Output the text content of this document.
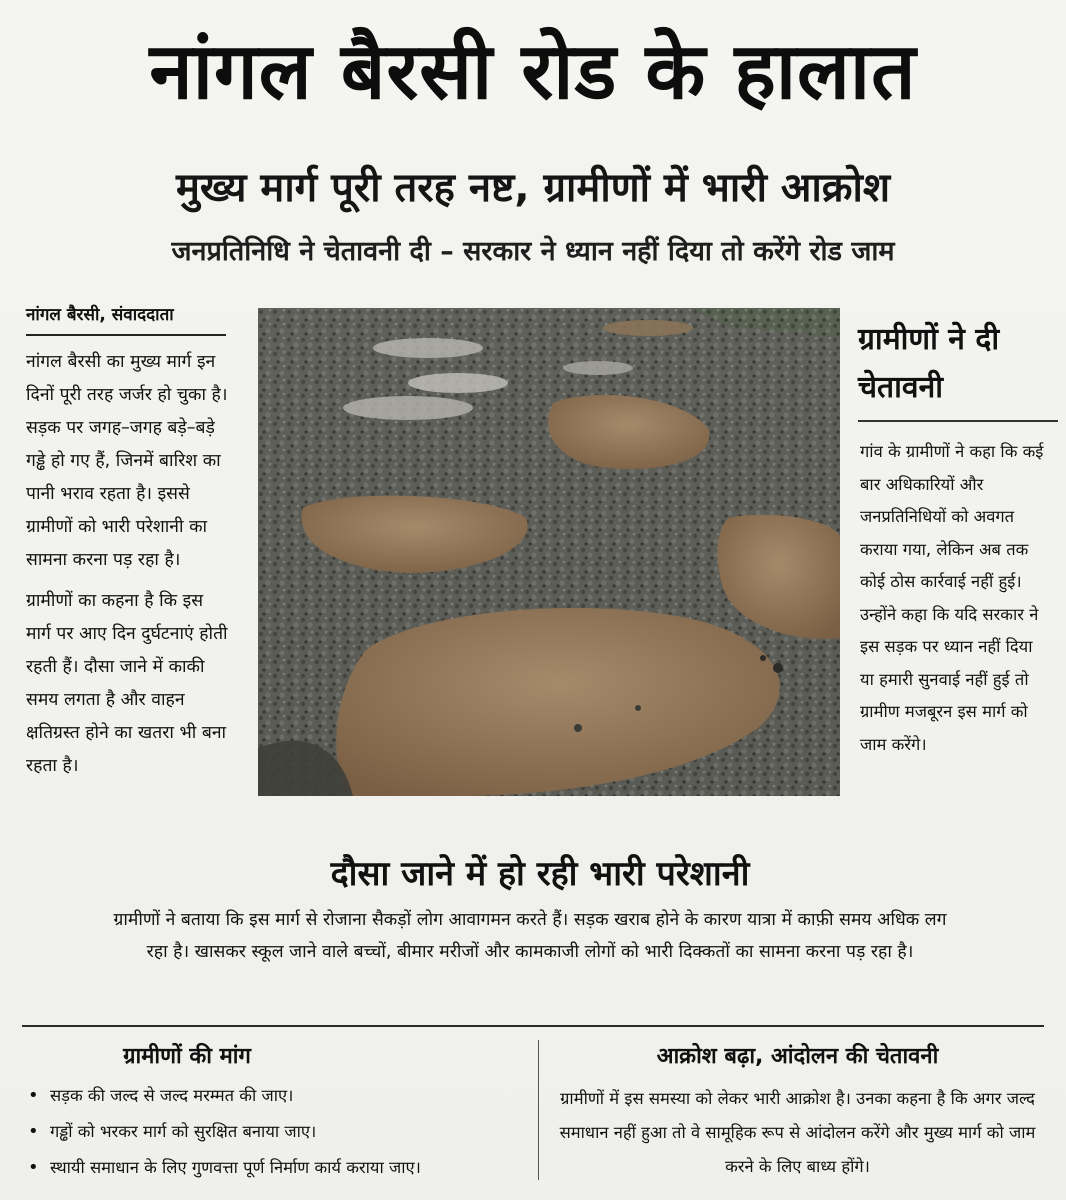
नांगल बैरसी रोड के हालात
मुख्य मार्ग पूरी तरह नष्ट, ग्रामीणों में भारी आक्रोश
जनप्रतिनिधि ने चेतावनी दी – सरकार ने ध्यान नहीं दिया तो करेंगे रोड जाम
नांगल बैरसी, संवाददाता

नांगल बैरसी का मुख्य मार्ग इन दिनों पूरी तरह जर्जर हो चुका है। सड़क पर जगह–जगह बड़े–बड़े गड्ढे हो गए हैं, जिनमें बारिश का पानी भराव रहता है। इससे ग्रामीणों को भारी परेशानी का सामना करना पड़ रहा है।

ग्रामीणों का कहना है कि इस मार्ग पर आए दिन दुर्घटनाएं होती रहती हैं। दौसा जाने में काकी समय लगता है और वाहन क्षतिग्रस्त होने का खतरा भी बना रहता है।

ग्रामीणों ने दी चेतावनी
गांव के ग्रामीणों ने कहा कि कई बार अधिकारियों और जनप्रतिनिधियों को अवगत कराया गया, लेकिन अब तक कोई ठोस कार्रवाई नहीं हुई। उन्होंने कहा कि यदि सरकार ने इस सड़क पर ध्यान नहीं दिया या हमारी सुनवाई नहीं हुई तो ग्रामीण मजबूरन इस मार्ग को जाम करेंगे।
दौसा जाने में हो रही भारी परेशानी
ग्रामीणों ने बताया कि इस मार्ग से रोजाना सैकड़ों लोग आवागमन करते हैं। सड़क खराब होने के कारण यात्रा में काफ़ी समय अधिक लग रहा है। खासकर स्कूल जाने वाले बच्चों, बीमार मरीजों और कामकाजी लोगों को भारी दिक्कतों का सामना करना पड़ रहा है।
ग्रामीणों की मांग
• सड़क की जल्द से जल्द मरम्मत की जाए।
• गड्ढों को भरकर मार्ग को सुरक्षित बनाया जाए।
• स्थायी समाधान के लिए गुणवत्ता पूर्ण निर्माण कार्य कराया जाए।
आक्रोश बढ़ा, आंदोलन की चेतावनी
ग्रामीणों में इस समस्या को लेकर भारी आक्रोश है। उनका कहना है कि अगर जल्द समाधान नहीं हुआ तो वे सामूहिक रूप से आंदोलन करेंगे और मुख्य मार्ग को जाम करने के लिए बाध्य होंगे।
